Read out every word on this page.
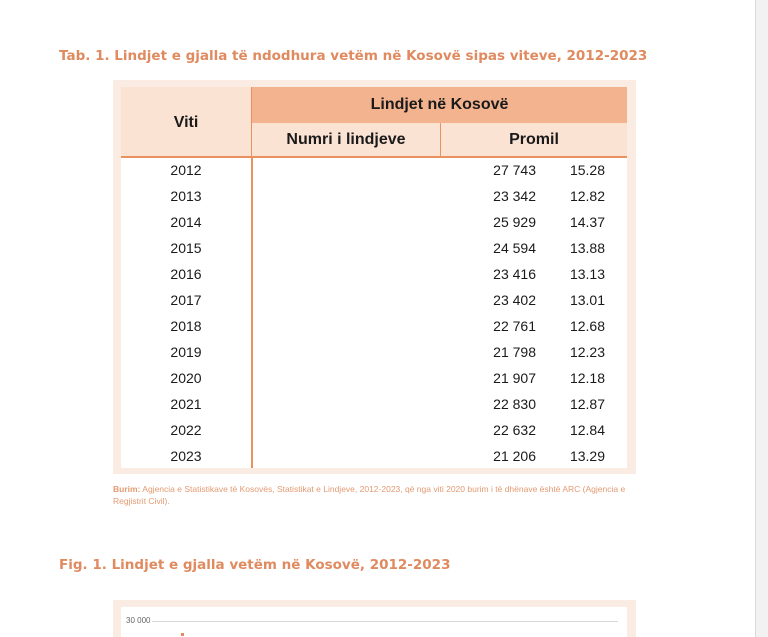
Tab. 1. Lindjet e gjalla të ndodhura vetëm në Kosovë sipas viteve, 2012-2023
Viti
Lindjet në Kosovë
Numri i lindjeve	Promil
2012	27 743	15.28
2013	23 342	12.82
2014	25 929	14.37
2015	24 594	13.88
2016	23 416	13.13
2017	23 402	13.01
2018	22 761	12.68
2019	21 798	12.23
2020	21 907	12.18
2021	22 830	12.87
2022	22 632	12.84
2023	21 206	13.29
Burim: Agjencia e Statistikave të Kosovës, Statistikat e Lindjeve, 2012-2023, që nga viti 2020 burim i të dhënave është ARC (Agjencia e Regjistrit Civil).
Fig. 1. Lindjet e gjalla vetëm në Kosovë, 2012-2023
30 000
